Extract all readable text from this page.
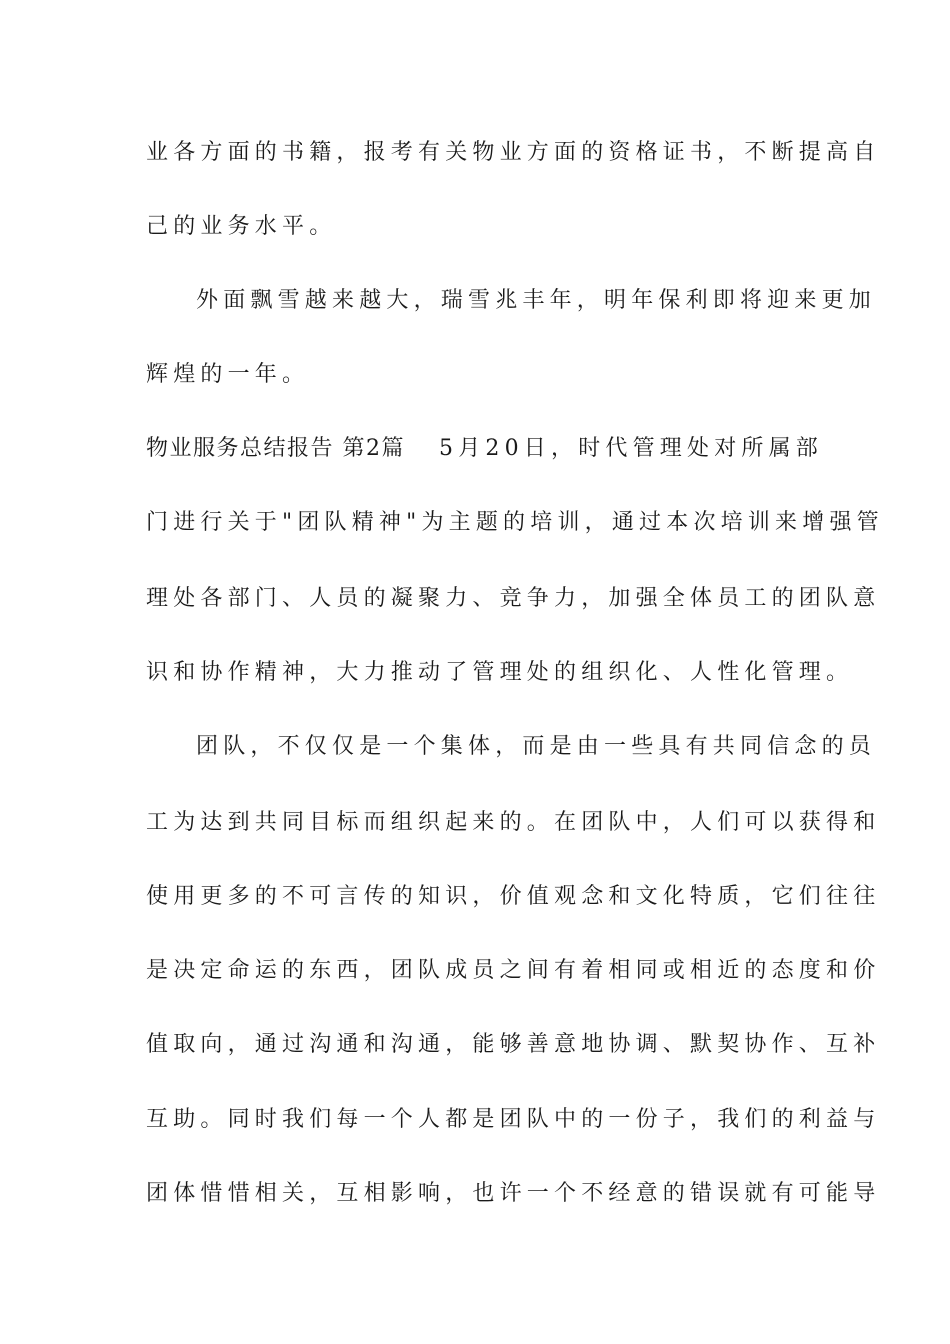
业各方面的书籍，报考有关物业方面的资格证书，不断提高自
己的业务水平。
外面飘雪越来越大，瑞雪兆丰年，明年保利即将迎来更加
辉煌的一年。
物业服务总结报告 第2篇 5月20日，时代管理处对所属部
门进行关于"团队精神"为主题的培训，通过本次培训来增强管
理处各部门、人员的凝聚力、竞争力，加强全体员工的团队意
识和协作精神，大力推动了管理处的组织化、人性化管理。
团队，不仅仅是一个集体，而是由一些具有共同信念的员
工为达到共同目标而组织起来的。在团队中，人们可以获得和
使用更多的不可言传的知识，价值观念和文化特质，它们往往
是决定命运的东西，团队成员之间有着相同或相近的态度和价
值取向，通过沟通和沟通，能够善意地协调、默契协作、互补
互助。同时我们每一个人都是团队中的一份子，我们的利益与
团体惜惜相关，互相影响，也许一个不经意的错误就有可能导
